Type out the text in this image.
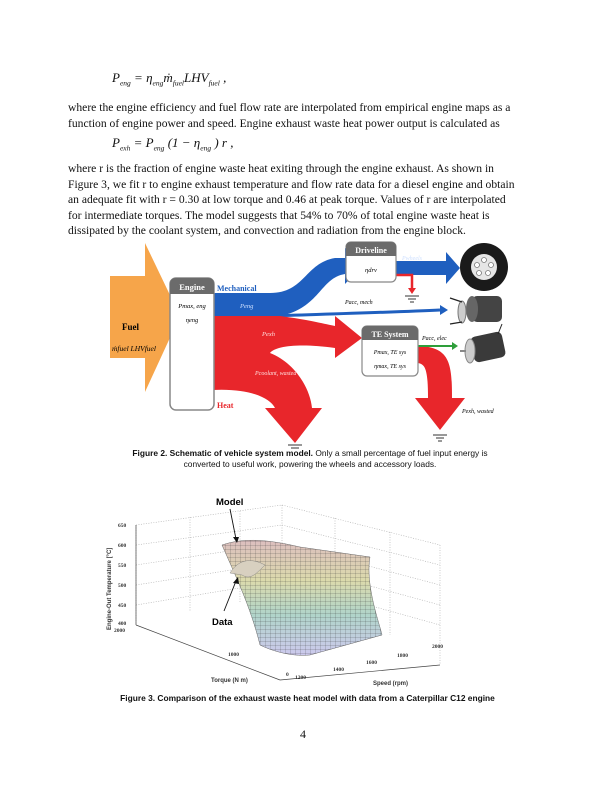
$P_{eng}$ = $\eta_{eng}ṁ_{fuel}LHV_{fuel}$ ,
where the engine efficiency and fuel flow rate are interpolated from empirical engine maps as a
function of engine power and speed. Engine exhaust waste heat power output is calculated as
$P_{exh} = P_{eng}$ ($1 - \eta_{eng}$ ) r ,
where r is the fraction of engine waste heat exiting through the engine exhaust. As shown in
Figure 3, we fit r to engine exhaust temperature and flow rate data for a diesel engine and obtain
an adequate fit with r = 0.30 at low torque and 0.46 at peak torque. Values of r are interpolated
for intermediate torques. The model suggests that 54% to 70% of total engine waste heat is
dissipated by the coolant system, and convection and radiation from the engine block.
Fuel
ṁfuel LHVfuel
Engine
Pmax, eng
ηeng
Mechanical
Heat
Peng
Pexh
Pcoolant, wasted
Driveline
ηdrv
Pwheels
Pacc, mech
TE System
Pmax, TE sys
ηmax, TE sys
Pacc, elec
Pexh, wasted
Figure 2. Schematic of vehicle system model. Only a small percentage of fuel input energy is
converted to useful work, powering the wheels and accessory loads.
Model
Data
650
600
550
500
450
400
2000
1000
0 1200
1400
1600
1800
2000
Torque (N m)	Speed (rpm)
Engine-Out Temperature [°C]
Figure 3. Comparison of the exhaust waste heat model with data from a Caterpillar C12 engine
4
